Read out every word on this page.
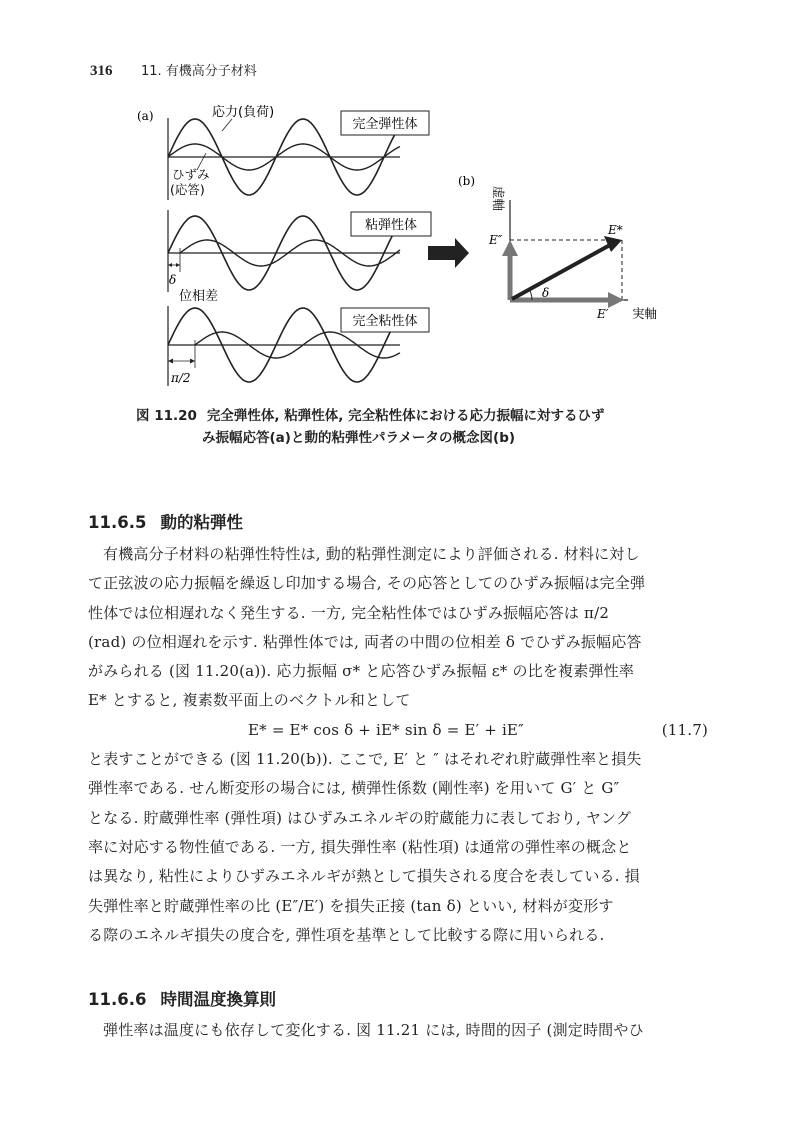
316 11. 有機高分子材料
(a)
(b)
応力(負荷)
ひずみ
(応答)
完全弾性体
δ
位相差
粘弾性体
π/2
完全粘性体
δ
E*
E″
E′ 実軸
虚軸
図 11.20 完全弾性体, 粘弾性体, 完全粘性体における応力振幅に対するひず
み振幅応答(a)と動的粘弾性パラメータの概念図(b)
11.6.5 動的粘弾性

有機高分子材料の粘弾性特性は, 動的粘弾性測定により評価される. 材料に対し

て正弦波の応力振幅を繰返し印加する場合, その応答としてのひずみ振幅は完全弾

性体では位相遅れなく発生する. 一方, 完全粘性体ではひずみ振幅応答は π/2

(rad) の位相遅れを示す. 粘弾性体では, 両者の中間の位相差 δ でひずみ振幅応答

がみられる (図 11.20(a)). 応力振幅 σ* と応答ひずみ振幅 ε* の比を複素弾性率

E* とすると, 複素数平面上のベクトル和として

E* = E* cos δ + iE* sin δ = E′ + iE″	(11.7)

と表すことができる (図 11.20(b)). ここで, E′ と ″ はそれぞれ貯蔵弾性率と損失

弾性率である. せん断変形の場合には, 横弾性係数 (剛性率) を用いて G′ と G″

となる. 貯蔵弾性率 (弾性項) はひずみエネルギの貯蔵能力に表しており, ヤング

率に対応する物性値である. 一方, 損失弾性率 (粘性項) は通常の弾性率の概念と

は異なり, 粘性によりひずみエネルギが熱として損失される度合を表している. 損

失弾性率と貯蔵弾性率の比 (E″/E′) を損失正接 (tan δ) といい, 材料が変形す

る際のエネルギ損失の度合を, 弾性項を基準として比較する際に用いられる.

11.6.6 時間温度換算則

弾性率は温度にも依存して変化する. 図 11.21 には, 時間的因子 (測定時間やひ
